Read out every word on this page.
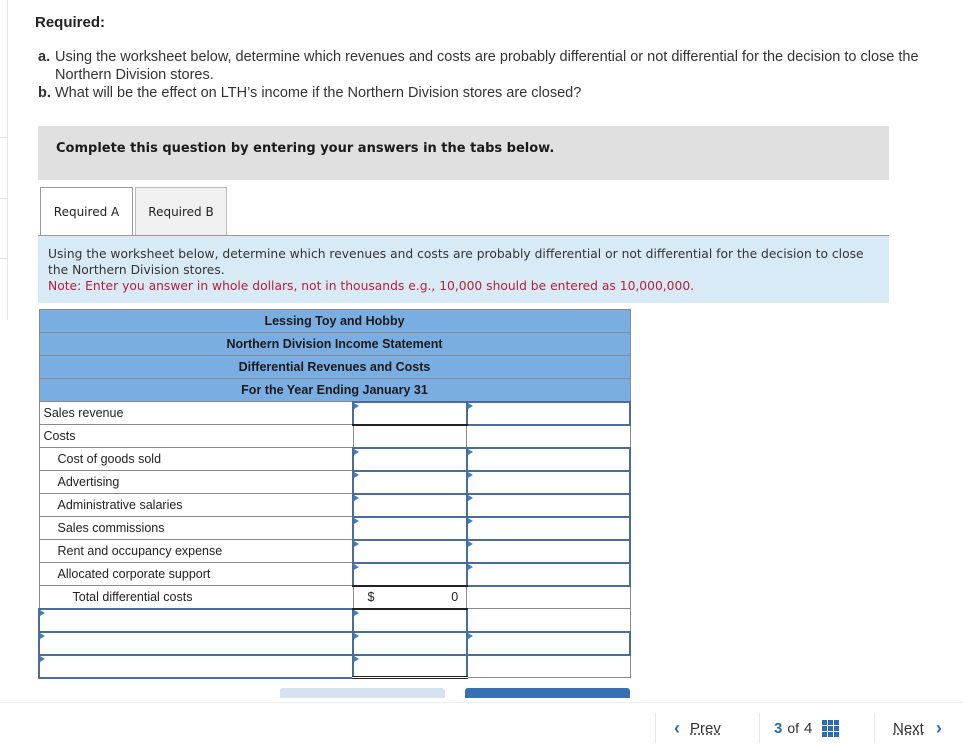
Required:
a. Using the worksheet below, determine which revenues and costs are probably differential or not differential for the decision to close the Northern Division stores.
b. What will be the effect on LTH’s income if the Northern Division stores are closed?
Complete this question by entering your answers in the tabs below.
Required A	Required B
Using the worksheet below, determine which revenues and costs are probably differential or not differential for the decision to close the Northern Division stores.
Note: Enter you answer in whole dollars, not in thousands e.g., 10,000 should be entered as 10,000,000.
Lessing Toy and Hobby		
Northern Division Income Statement		
Differential Revenues and Costs		
For the Year Ending January 31		
Sales revenue		
Costs		
Cost of goods sold		
Advertising		
Administrative salaries		
Sales commissions		
Rent and occupancy expense		
Allocated corporate support		
Total differential costs	$ 0	

‹ Prev	3 of 4	Next ›
